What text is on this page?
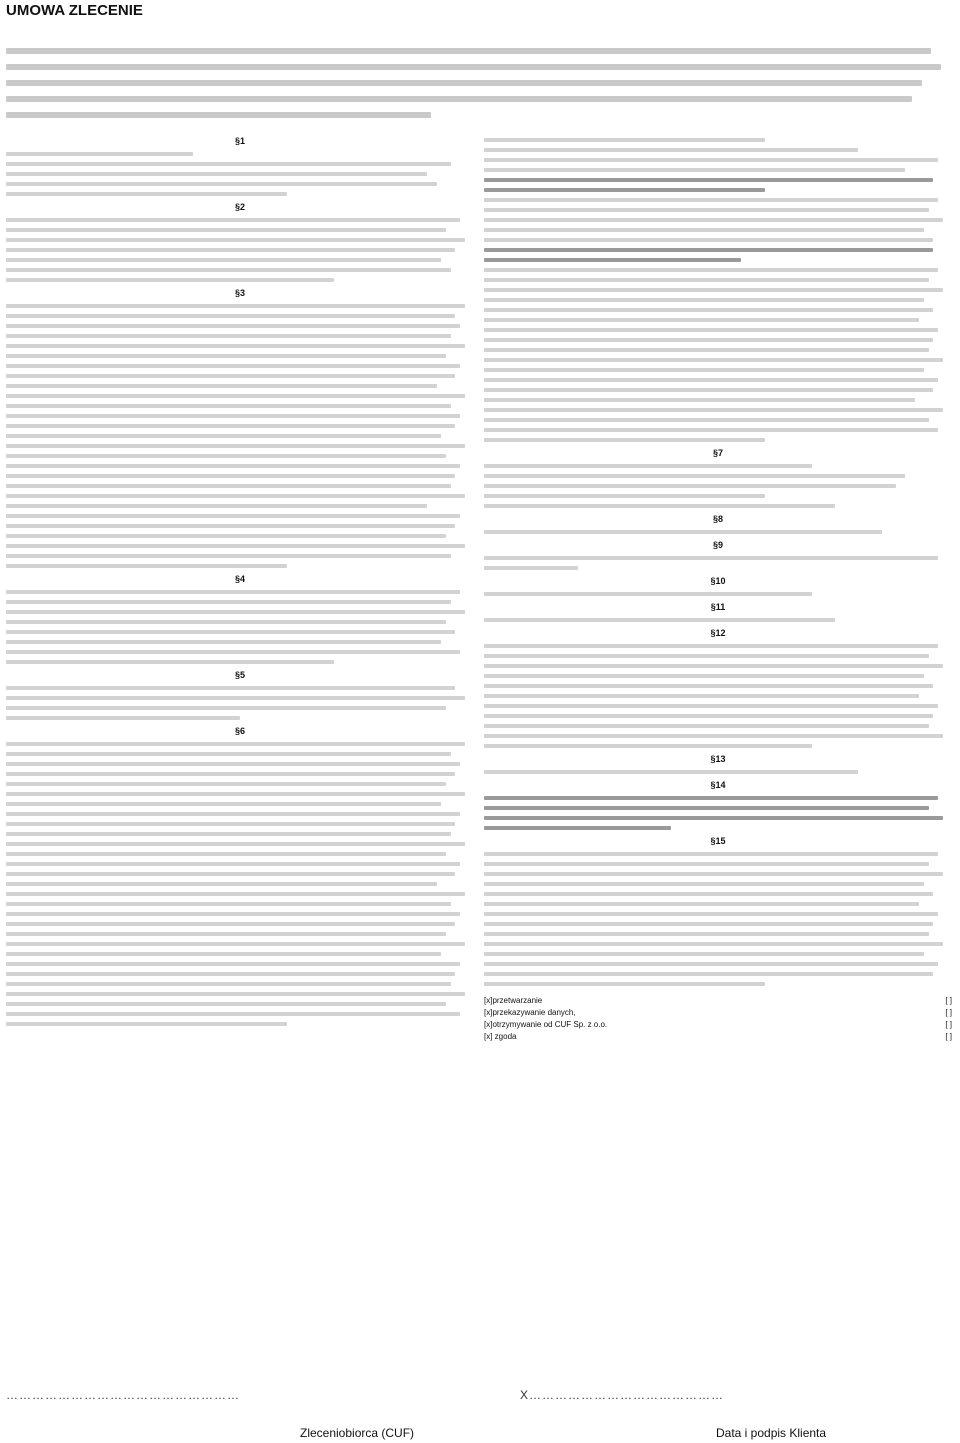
UMOWA ZLECENIE
§1
§2
§3
§4
§5
§6
§7
§8
§9
§10
§11
§12
§13
§14
§15
[x]przetwarzanie	[ ]
[x]przekazywanie danych,	[ ]
[x]otrzymywanie od CUF Sp. z o.o.	[ ]
[x] zgoda	[ ]
………………………………………………	X………………………………………
Zleceniobiorca (CUF)	Data i podpis Klienta
